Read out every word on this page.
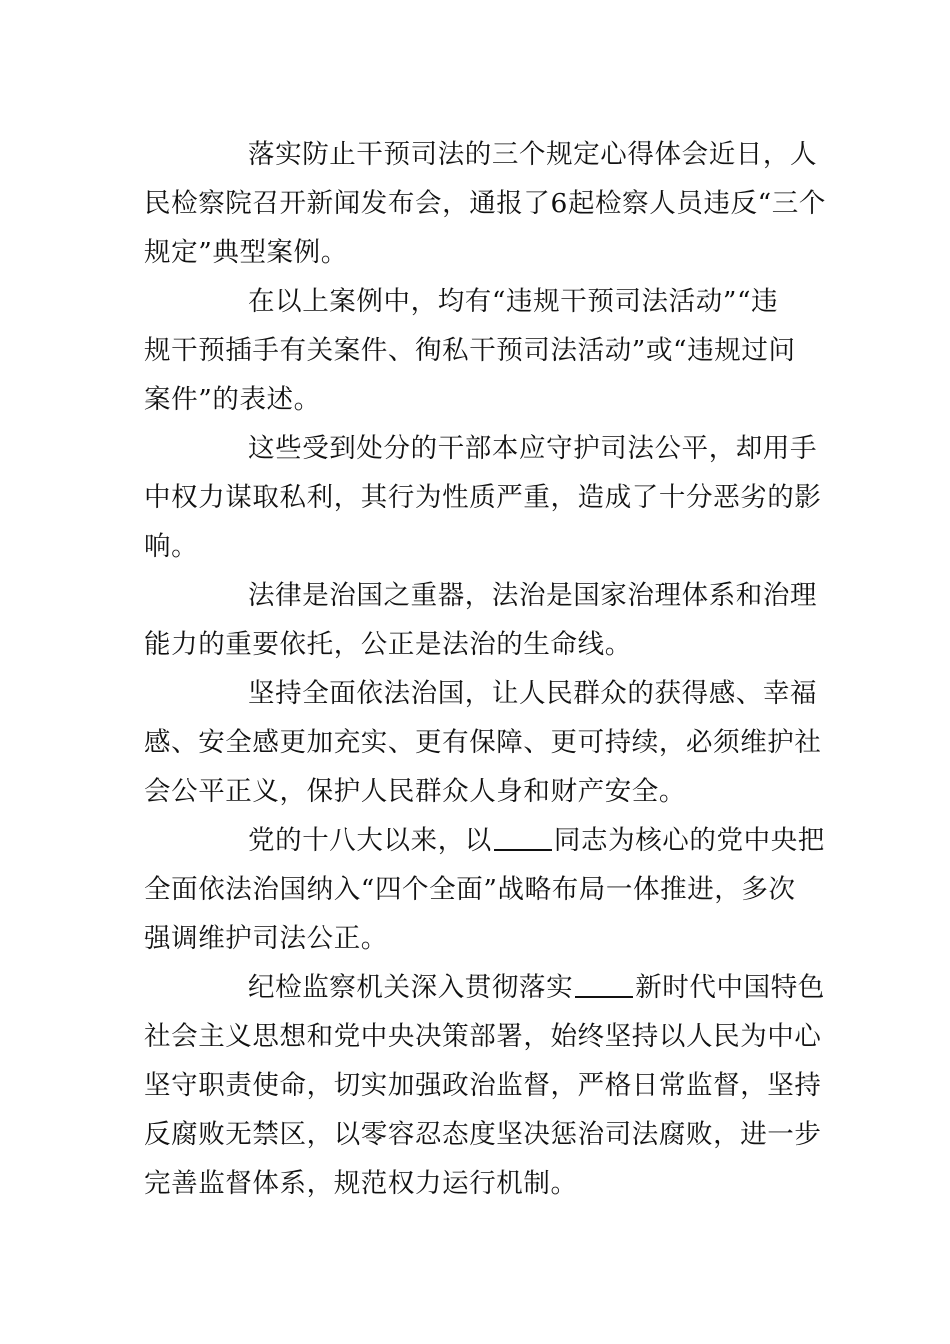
落实防止干预司法的三个规定心得体会近日，人
民检察院召开新闻发布会，通报了6起检察人员违反“三个
规定”典型案例。

在以上案例中，均有“违规干预司法活动”“违
规干预插手有关案件、徇私干预司法活动”或“违规过问
案件”的表述。

这些受到处分的干部本应守护司法公平，却用手
中权力谋取私利，其行为性质严重，造成了十分恶劣的影
响。

法律是治国之重器，法治是国家治理体系和治理
能力的重要依托，公正是法治的生命线。

坚持全面依法治国，让人民群众的获得感、幸福
感、安全感更加充实、更有保障、更可持续，必须维护社
会公平正义，保护人民群众人身和财产安全。

党的十八大以来，以 同志为核心的党中央把
全面依法治国纳入“四个全面”战略布局一体推进，多次
强调维护司法公正。

纪检监察机关深入贯彻落实 新时代中国特色
社会主义思想和党中央决策部署，始终坚持以人民为中心
坚守职责使命，切实加强政治监督，严格日常监督，坚持
反腐败无禁区，以零容忍态度坚决惩治司法腐败，进一步
完善监督体系，规范权力运行机制。
